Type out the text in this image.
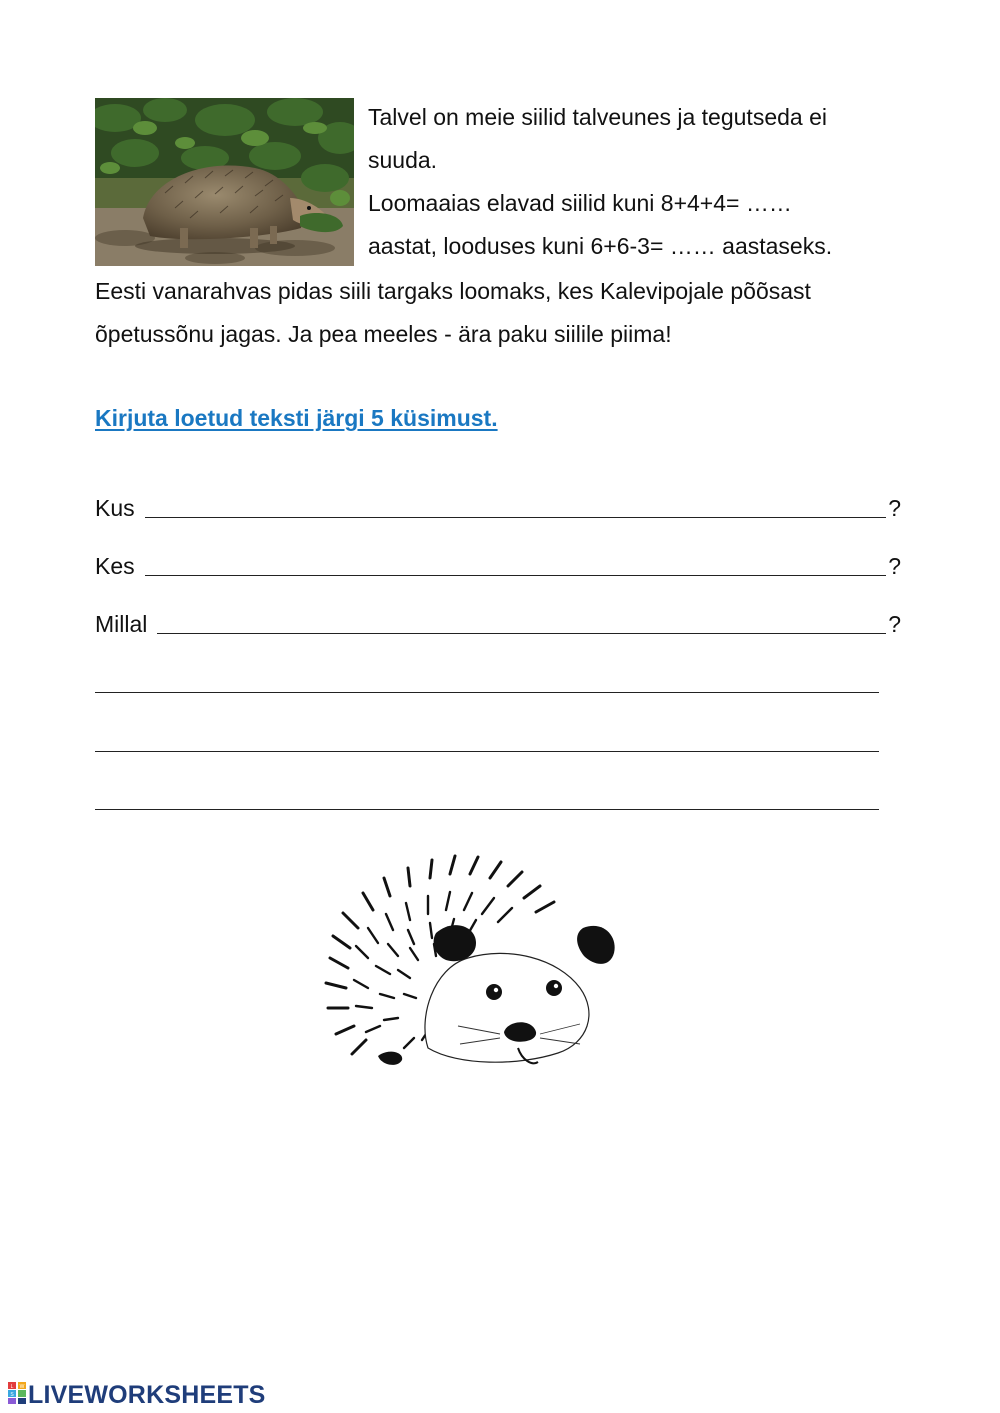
Talvel on meie siilid talveunes ja tegutseda ei
suuda.
Loomaaias elavad siilid kuni 8+4+4= ……
aastat, looduses kuni 6+6-3= …… aastaseks.
Eesti vanarahvas pidas siili targaks loomaks, kes Kalevipojale põõsast
õpetussõnu jagas. Ja pea meeles - ära paku siilile piima!
Kirjuta loetud teksti järgi 5 küsimust.
Kus	?
Kes	?
Millal	?
L W
S LIVEWORKSHEETS
